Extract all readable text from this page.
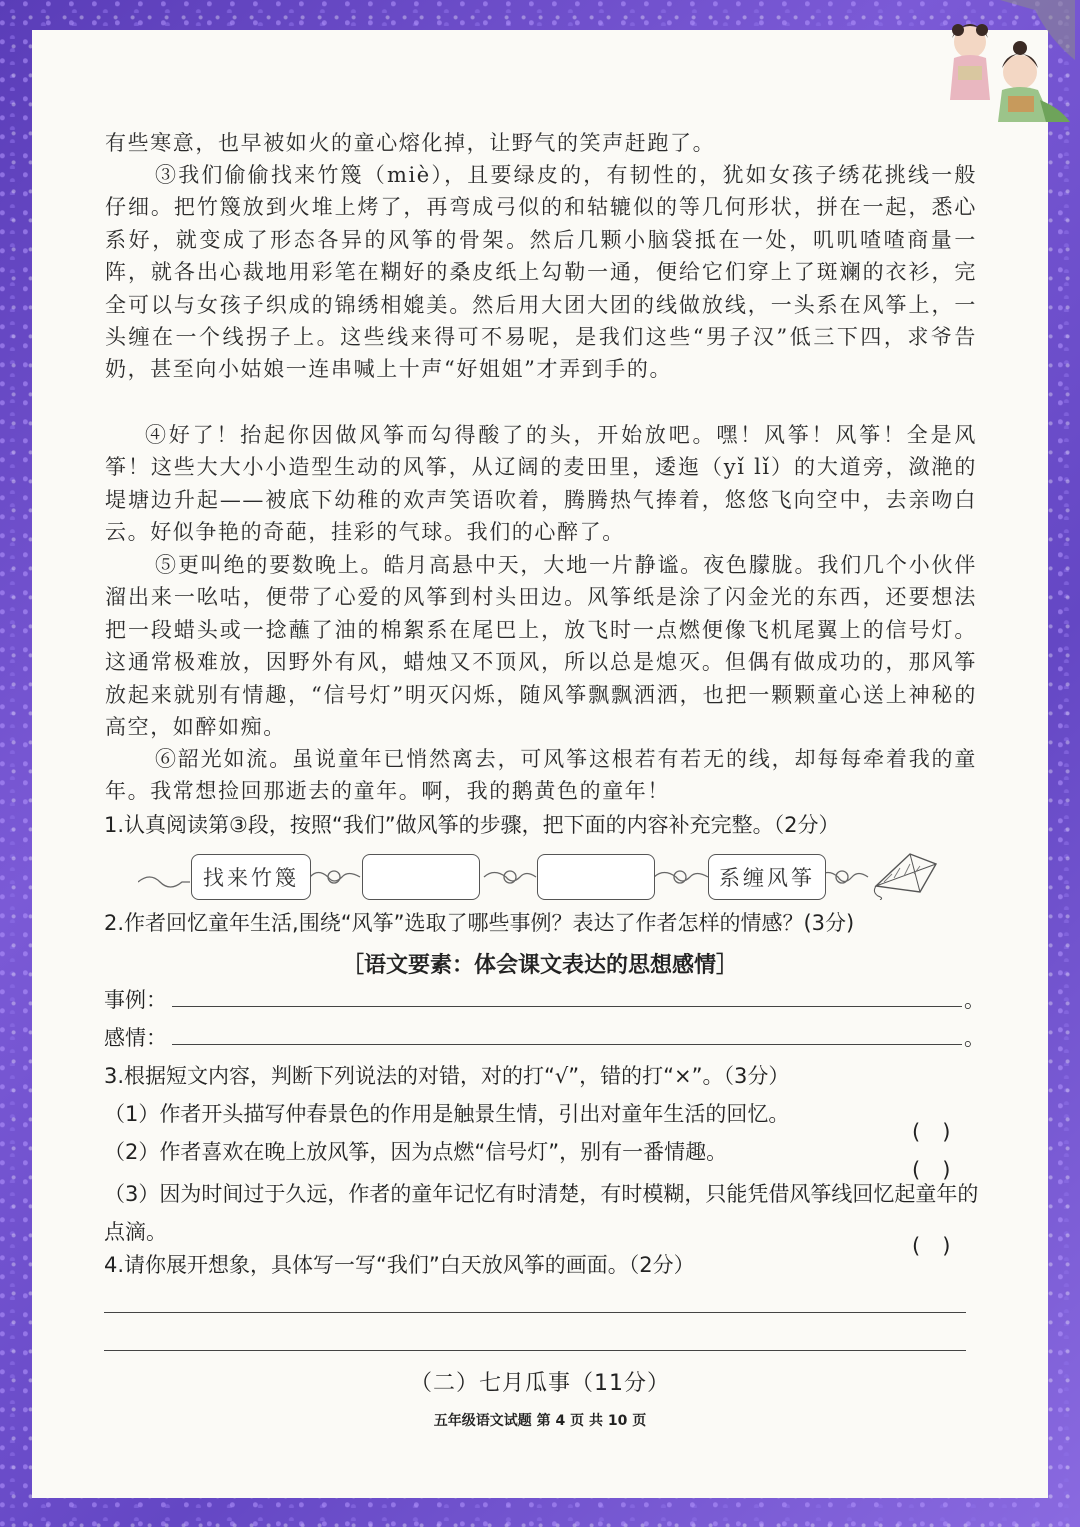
有些寒意，也早被如火的童心熔化掉，让野气的笑声赶跑了。

③我们偷偷找来竹篾（miè），且要绿皮的，有韧性的，犹如女孩子绣花挑线一般仔细。把竹篾放到火堆上烤了，再弯成弓似的和轱辘似的等几何形状，拼在一起，悉心系好，就变成了形态各异的风筝的骨架。然后几颗小脑袋抵在一处，叽叽喳喳商量一阵，就各出心裁地用彩笔在糊好的桑皮纸上勾勒一通，便给它们穿上了斑斓的衣衫，完全可以与女孩子织成的锦绣相媲美。然后用大团大团的线做放线，一头系在风筝上，一头缠在一个线拐子上。这些线来得可不易呢，是我们这些“男子汉”低三下四，求爷告奶，甚至向小姑娘一连串喊上十声“好姐姐”才弄到手的。

④好了！抬起你因做风筝而勾得酸了的头，开始放吧。嘿！风筝！风筝！全是风筝！这些大大小小造型生动的风筝，从辽阔的麦田里，逶迤（yǐ lǐ）的大道旁，潋滟的堤塘边升起——被底下幼稚的欢声笑语吹着，腾腾热气捧着，悠悠飞向空中，去亲吻白云。好似争艳的奇葩，挂彩的气球。我们的心醉了。

⑤更叫绝的要数晚上。皓月高悬中天，大地一片静谧。夜色朦胧。我们几个小伙伴溜出来一吆咕，便带了心爱的风筝到村头田边。风筝纸是涂了闪金光的东西，还要想法把一段蜡头或一捻蘸了油的棉絮系在尾巴上，放飞时一点燃便像飞机尾翼上的信号灯。这通常极难放，因野外有风，蜡烛又不顶风，所以总是熄灭。但偶有做成功的，那风筝放起来就别有情趣，“信号灯”明灭闪烁，随风筝飘飘洒洒，也把一颗颗童心送上神秘的高空，如醉如痴。

⑥韶光如流。虽说童年已悄然离去，可风筝这根若有若无的线，却每每牵着我的童年。我常想捡回那逝去的童年。啊，我的鹅黄色的童年！

1.认真阅读第③段，按照“我们”做风筝的步骤，把下面的内容补充完整。（2分）

找来竹篾	系缠风筝

2.作者回忆童年生活,围绕“风筝”选取了哪些事例？表达了作者怎样的情感？(3分)

［语文要素：体会课文表达的思想感情］

事例：	。

感情：	。

3.根据短文内容，判断下列说法的对错，对的打“√”，错的打“×”。（3分）

（1）作者开头描写仲春景色的作用是触景生情，引出对童年生活的回忆。

()

（2）作者喜欢在晚上放风筝，因为点燃“信号灯”，别有一番情趣。

()

（3）因为时间过于久远，作者的童年记忆有时清楚，有时模糊，只能凭借风筝线回忆起童年的点滴。

()

4.请你展开想象，具体写一写“我们”白天放风筝的画面。（2分）

（二）七月瓜事（11分）
五年级语文试题 第 4 页 共 10 页
